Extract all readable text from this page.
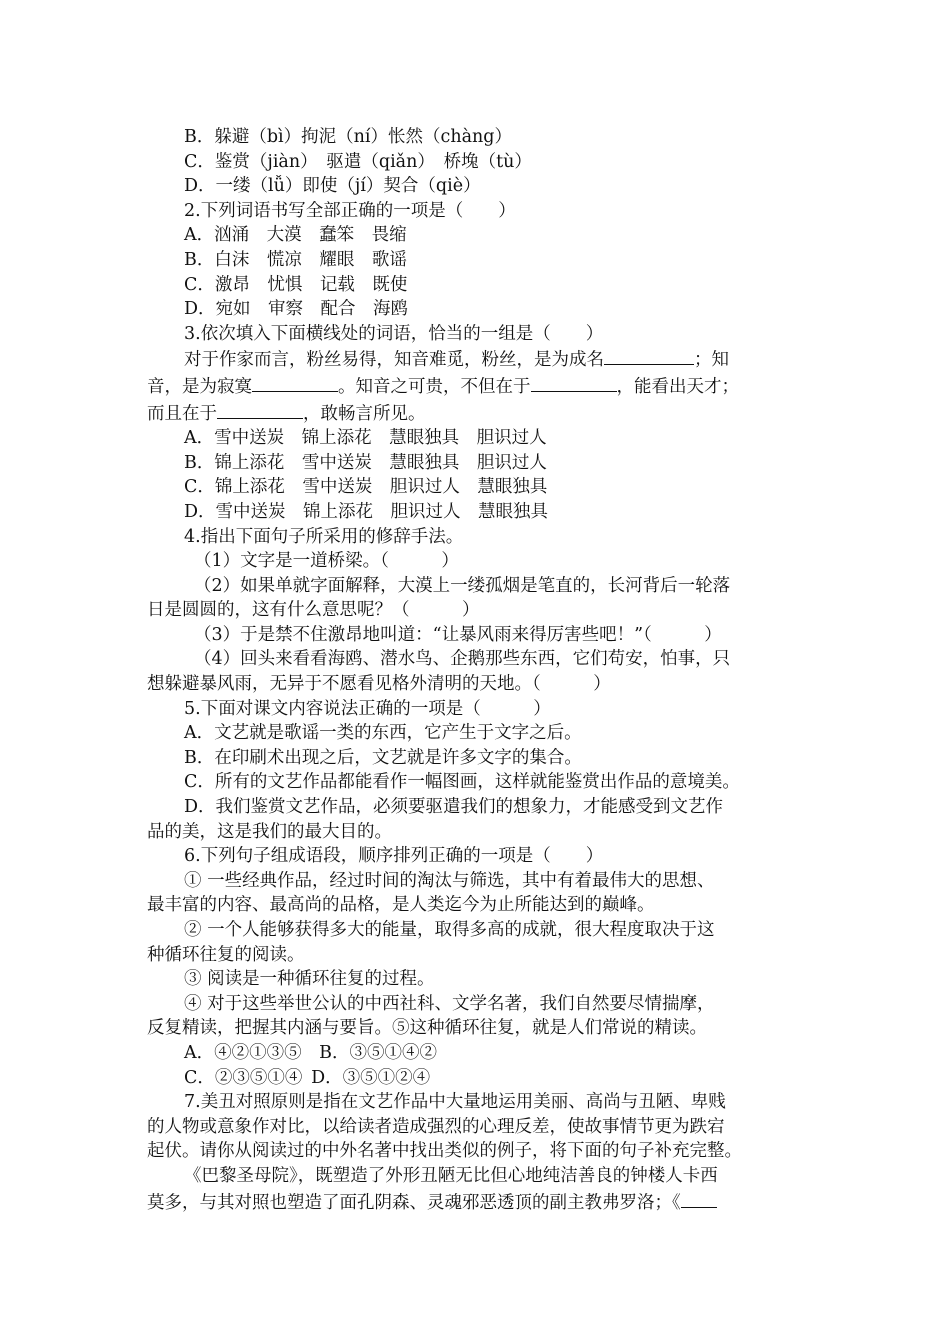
B．躲避（bì）拘泥（ní）怅然（chàng）
C．鉴赏（jiàn）　驱遣（qiǎn）　桥堍（tù）
D．一缕（lǚ）即使（jí）契合（qiè）
2.下列词语书写全部正确的一项是（　　）
A．汹涌　大漠　蠢笨　畏缩
B．白沫　慌凉　耀眼　歌谣
C．激昂　忧惧　记载　既使
D．宛如　审察　配合　海鸥
3.依次填入下面横线处的词语，恰当的一组是（　　）
对于作家而言，粉丝易得，知音难觅，粉丝，是为成名	；知
音，是为寂寞	。知音之可贵，不但在于	，能看出天才；
而且在于	，敢畅言所见。
A．雪中送炭　锦上添花　慧眼独具　胆识过人
B．锦上添花　雪中送炭　慧眼独具　胆识过人
C．锦上添花　雪中送炭　胆识过人　慧眼独具
D．雪中送炭　锦上添花　胆识过人　慧眼独具
4.指出下面句子所采用的修辞手法。
（1）文字是一道桥梁。（　　　）
（2）如果单就字面解释，大漠上一缕孤烟是笔直的，长河背后一轮落
日是圆圆的，这有什么意思呢？（　　　）
（3）于是禁不住激昂地叫道：“让暴风雨来得厉害些吧！”（　　　）
（4）回头来看看海鸥、潜水鸟、企鹅那些东西，它们苟安，怕事，只
想躲避暴风雨，无异于不愿看见格外清明的天地。（　　　）
5.下面对课文内容说法正确的一项是（　　　）
A．文艺就是歌谣一类的东西，它产生于文字之后。
B．在印刷术出现之后，文艺就是许多文字的集合。
C．所有的文艺作品都能看作一幅图画，这样就能鉴赏出作品的意境美。
D．我们鉴赏文艺作品，必须要驱遣我们的想象力，才能感受到文艺作
品的美，这是我们的最大目的。
6.下列句子组成语段，顺序排列正确的一项是（　　）
① 一些经典作品，经过时间的淘汰与筛选，其中有着最伟大的思想、
最丰富的内容、最高尚的品格，是人类迄今为止所能达到的巅峰。
② 一个人能够获得多大的能量，取得多高的成就，很大程度取决于这
种循环往复的阅读。
③ 阅读是一种循环往复的过程。
④ 对于这些举世公认的中西社科、文学名著，我们自然要尽情揣摩，
反复精读，把握其内涵与要旨。⑤这种循环往复，就是人们常说的精读。
A．④②①③⑤　B．③⑤①④②
C．②③⑤①④ D．③⑤①②④
7.美丑对照原则是指在文艺作品中大量地运用美丽、高尚与丑陋、卑贱
的人物或意象作对比，以给读者造成强烈的心理反差，使故事情节更为跌宕
起伏。请你从阅读过的中外名著中找出类似的例子，将下面的句子补充完整。
《巴黎圣母院》，既塑造了外形丑陋无比但心地纯洁善良的钟楼人卡西
莫多，与其对照也塑造了面孔阴森、灵魂邪恶透顶的副主教弗罗洛；《
